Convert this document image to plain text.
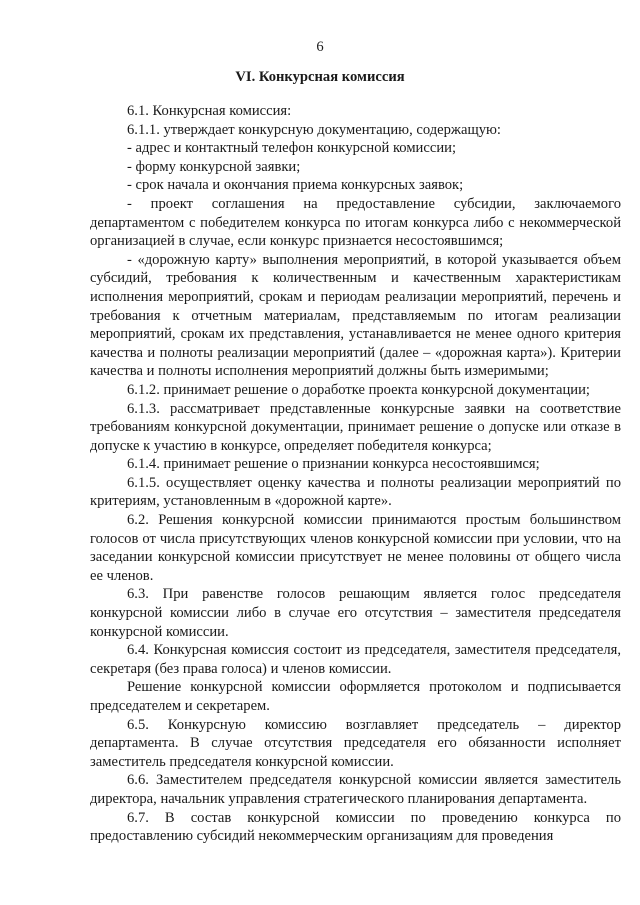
6
VI. Конкурсная комиссия

6.1. Конкурсная комиссия:

6.1.1. утверждает конкурсную документацию, содержащую:

- адрес и контактный телефон конкурсной комиссии;

- форму конкурсной заявки;

- срок начала и окончания приема конкурсных заявок;

- проект соглашения на предоставление субсидии, заключаемого департаментом с победителем конкурса по итогам конкурса либо с некоммерческой организацией в случае, если конкурс признается несостоявшимся;

- «дорожную карту» выполнения мероприятий, в которой указывается объем субсидий, требования к количественным и качественным характеристикам исполнения мероприятий, срокам и периодам реализации мероприятий, перечень и требования к отчетным материалам, представляемым по итогам реализации мероприятий, срокам их представления, устанавливается не менее одного критерия качества и полноты реализации мероприятий (далее – «дорожная карта»). Критерии качества и полноты исполнения мероприятий должны быть измеримыми;

6.1.2. принимает решение о доработке проекта конкурсной документации;

6.1.3. рассматривает представленные конкурсные заявки на соответствие требованиям конкурсной документации, принимает решение о допуске или отказе в допуске к участию в конкурсе, определяет победителя конкурса;

6.1.4. принимает решение о признании конкурса несостоявшимся;

6.1.5. осуществляет оценку качества и полноты реализации мероприятий по критериям, установленным в «дорожной карте».

6.2. Решения конкурсной комиссии принимаются простым большинством голосов от числа присутствующих членов конкурсной комиссии при условии, что на заседании конкурсной комиссии присутствует не менее половины от общего числа ее членов.

6.3. При равенстве голосов решающим является голос председателя конкурсной комиссии либо в случае его отсутствия – заместителя председателя конкурсной комиссии.

6.4. Конкурсная комиссия состоит из председателя, заместителя председателя, секретаря (без права голоса) и членов комиссии.

Решение конкурсной комиссии оформляется протоколом и подписывается председателем и секретарем.

6.5. Конкурсную комиссию возглавляет председатель – директор департамента. В случае отсутствия председателя его обязанности исполняет заместитель председателя конкурсной комиссии.

6.6. Заместителем председателя конкурсной комиссии является заместитель директора, начальник управления стратегического планирования департамента.

6.7. В состав конкурсной комиссии по проведению конкурса по предоставлению субсидий некоммерческим организациям для проведения
